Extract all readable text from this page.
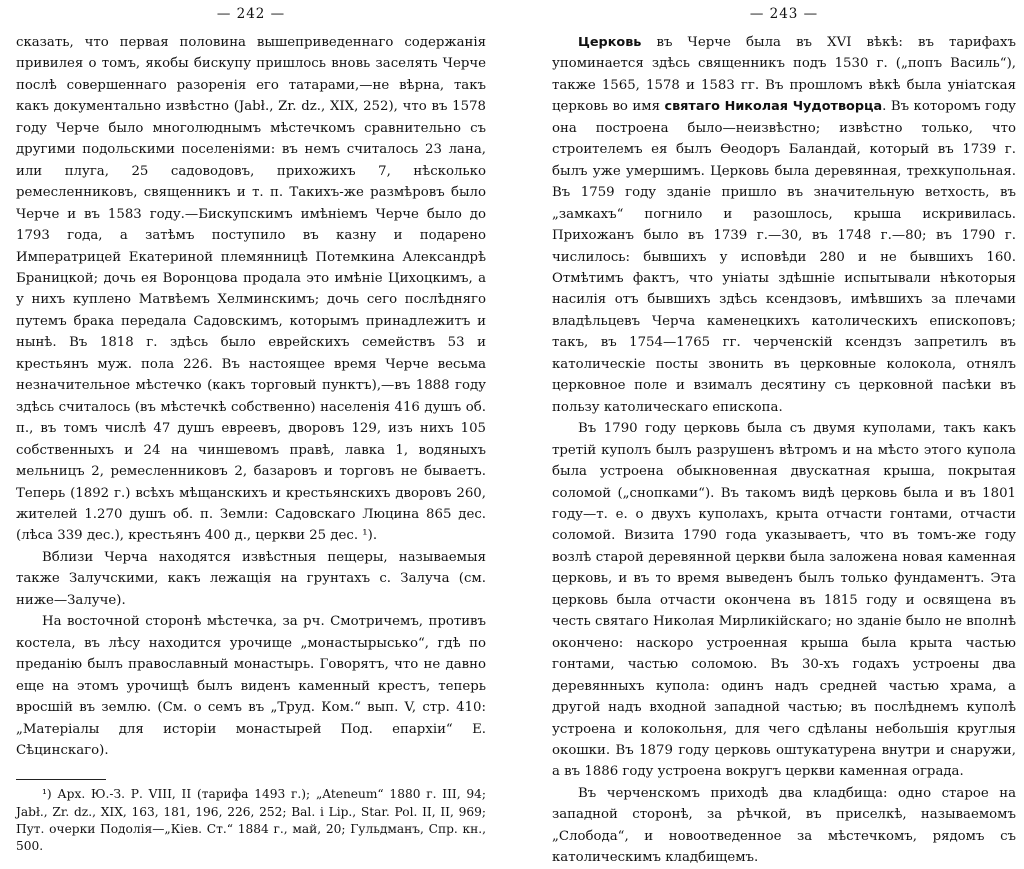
— 242 —

сказать, что первая половина вышеприведеннаго содержанія привилея о томъ, якобы бискупу пришлось вновь заселять Черче послѣ совершеннаго разоренія его татарами,—не вѣрна, такъ какъ документально извѣстно (Jabł., Zr. dz., XIX, 252), что въ 1578 году Черче было многолюднымъ мѣстечкомъ сравнительно съ другими подольскими поселеніями: въ немъ считалось 23 лана, или плуга, 25 садоводовъ, прихожихъ 7, нѣсколько ремесленниковъ, священникъ и т. п. Такихъ-же размѣровъ было Черче и въ 1583 году.—Бискупскимъ имѣніемъ Черче было до 1793 года, а затѣмъ поступило въ казну и подарено Императрицей Екатериной племянницѣ Потемкина Александрѣ Браницкой; дочь ея Воронцова продала это имѣніе Цихоцкимъ, а у нихъ куплено Матвѣемъ Хелминскимъ; дочь сего послѣдняго путемъ брака передала Садовскимъ, которымъ принадлежитъ и нынѣ. Въ 1818 г. здѣсь было еврейскихъ семействъ 53 и крестьянъ муж. пола 226. Въ настоящее время Черче весьма незначительное мѣстечко (какъ торговый пунктъ),—въ 1888 году здѣсь считалось (въ мѣстечкѣ собственно) населенія 416 душъ об. п., въ томъ числѣ 47 душъ евреевъ, дворовъ 129, изъ нихъ 105 собственныхъ и 24 на чиншевомъ правѣ, лавка 1, водяныхъ мельницъ 2, ремесленниковъ 2, базаровъ и торговъ не бываетъ. Теперь (1892 г.) всѣхъ мѣщанскихъ и крестьянскихъ дворовъ 260, жителей 1.270 душъ об. п. Земли: Садовскаго Люцина 865 дес. (лѣса 339 дес.), крестьянъ 400 д., церкви 25 дес. ¹).

Вблизи Черча находятся извѣстныя пещеры, называемыя также Залучскими, какъ лежащія на грунтахъ с. Залуча (см. ниже—Залуче).

На восточной сторонѣ мѣстечка, за рч. Смотричемъ, противъ костела, въ лѣсу находится урочище „монастырысько“, гдѣ по преданію былъ православный монастырь. Говорятъ, что не давно еще на этомъ урочищѣ былъ виденъ каменный крестъ, теперь вросшій въ землю. (См. о семъ въ „Труд. Ком.“ вып. V, стр. 410: „Матеріалы для исторіи монастырей Под. епархіи“ Е. Сѣцинскаго).

¹) Арх. Ю.-З. Р. VIII, II (тарифа 1493 г.); „Ateneum“ 1880 г. III, 94; Jabł., Zr. dz., XIX, 163, 181, 196, 226, 252; Bal. i Lip., Star. Pol. II, II, 969; Пут. очерки Подолія—„Кіев. Ст.“ 1884 г., май, 20; Гульдманъ, Спр. кн., 500.

— 243 —

Церковь въ Черче была въ XVI вѣкѣ: въ тарифахъ упоминается здѣсь священникъ подъ 1530 г. („попъ Василь“), также 1565, 1578 и 1583 гг. Въ прошломъ вѣкѣ была уніатская церковь во имя святаго Николая Чудотворца. Въ которомъ году она построена было—неизвѣстно; извѣстно только, что строителемъ ея былъ Ѳеодоръ Баландай, который въ 1739 г. былъ уже умершимъ. Церковь была деревянная, трехкупольная. Въ 1759 году зданіе пришло въ значительную ветхость, въ „замкахъ“ погнило и разошлось, крыша искривилась. Прихожанъ было въ 1739 г.—30, въ 1748 г.—80; въ 1790 г. числилось: бывшихъ у исповѣди 280 и не бывшихъ 160. Отмѣтимъ фактъ, что уніаты здѣшніе испытывали нѣкоторыя насилія отъ бывшихъ здѣсь ксендзовъ, имѣвшихъ за плечами владѣльцевъ Черча каменецкихъ католическихъ епископовъ; такъ, въ 1754—1765 гг. черченскій ксендзъ запретилъ въ католическіе посты звонить въ церковные колокола, отнялъ церковное поле и взималъ десятину съ церковной пасѣки въ пользу католическаго епископа.

Въ 1790 году церковь была съ двумя куполами, такъ какъ третій куполъ былъ разрушенъ вѣтромъ и на мѣсто этого купола была устроена обыкновенная двускатная крыша, покрытая соломой („снопками“). Въ такомъ видѣ церковь была и въ 1801 году—т. е. о двухъ куполахъ, крыта отчасти гонтами, отчасти соломой. Визита 1790 года указываетъ, что въ томъ-же году возлѣ старой деревянной церкви была заложена новая каменная церковь, и въ то время выведенъ былъ только фундаментъ. Эта церковь была отчасти окончена въ 1815 году и освящена въ честь святаго Николая Мирликійскаго; но зданіе было не вполнѣ окончено: наскоро устроенная крыша была крыта частью гонтами, частью соломою. Въ 30-хъ годахъ устроены два деревянныхъ купола: одинъ надъ средней частью храма, а другой надъ входной западной частью; въ послѣднемъ куполѣ устроена и колокольня, для чего сдѣланы небольшія круглыя окошки. Въ 1879 году церковь оштукатурена внутри и снаружи, а въ 1886 году устроена вокругъ церкви каменная ограда.

Въ черченскомъ приходѣ два кладбища: одно старое на западной сторонѣ, за рѣчкой, въ приселкѣ, называемомъ „Слобода“, и новоотведенное за мѣстечкомъ, рядомъ съ католическимъ кладбищемъ.
